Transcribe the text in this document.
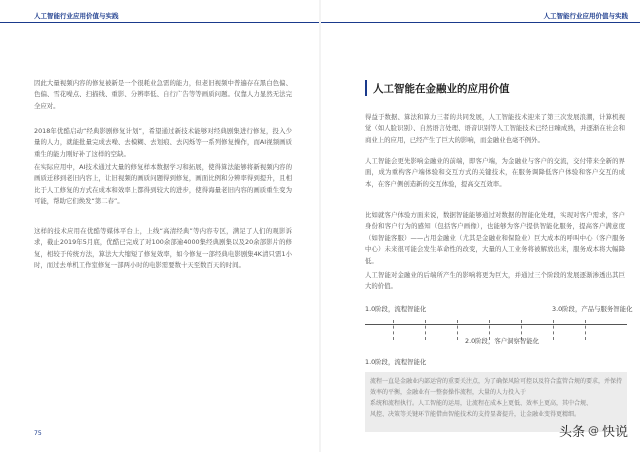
人工智能行业应用价值与实践

因此大量视频内容的修复被新是一个很耗业急需的能力，但老旧视频中普遍存在黑白色偏、色偏、雪花噪点、扫描线、重影、分辨率低、自行广告等等画质问题。仅靠人力显然无法完全应对。

2018年优酷启动“经典影剧修复计划”，希望通过新技术能够对经典剧集进行修复，投入少量的人力，就能批量完成去噪、去模糊、去划痕、去闪烁等一系列修复操作，而AI视频画质重生的能力刚好补了这样的空缺。

在实际应用中，AI技术通过大量的修复样本数据学习和拓展，使得算法能够将新视频内容的画质迁移到老旧内容上，让旧视频的画质问题得到修复，画面比例和分辨率得到提升，且相比于人工修复的方式在成本和效率上都得到较大的进步，使得海量老旧内容的画质重生变为可能，帮助它们焕发“第二春”。

这样的技术应用在优酷等媒体平台上，上线“高清经典”等内容专区，满足了人们的观影诉求，截止2019年5月底，优酷已完成了对100余部逾4000集经典剧集以及20余部影片的修复，相较于传统方法，算法大大缩短了修复效率，如今修复一部经典电影剧集4K清只需1小时，而过去单机工作室修复一部两小时的电影需要数十天至数百天的时间。

75
人工智能行业应用价值与实践
人工智能在金融业的应用价值

得益于数据、算法和算力三者的共同发展，人工智能技术迎来了第三次发展浪潮，计算机视觉（如人脸识别）、自然语言处理、语音识别等人工智能技术已经日臻成熟，并逐渐在社会和商业上的应用，已经产生了巨大的影响，而金融业也毫不例外。

人工智能会更先影响金融业的前端，即客户端，为金融业与客户的交流，交付带来全新的界面，成为重构客户端体验和交互方式的关键技术，在服务调降低客户体验和客户交互的成本，在客户侧创造新的交互体验，提高交互效率。

比如就客户体验方面来说，数据智能能够通过对数据的智能化处理，实现对客户需求，客户身份和客户行为的感知（包括客户画像），也能够为客户提供智能化服务，提高客户满意度（如智能客服）——占用金融业（尤其是金融业和保险业）巨大成本的呼叫中心（客户服务中心）未来很可能会发生革命性的改变，大量的人工业务将被解放出来，服务成本将大幅降低。

人工智能对金融业的后端所产生的影响将更为巨大，并通过三个阶段的发展逐渐渗透出其巨大的价值。

1.0阶段，流程智能化	3.0阶段，产品与服务智能化
2.0阶段，客户洞察智能化
1.0阶段，流程智能化
流程一直是金融业内部运营的重要关注点，为了确保风险可控以及符合监管合规的要求，并保持效率的平衡，金融业有一整套操作流程，大量的人力投入于
系统和流程执行。人工智能的运用，让流程在成本上更低、效率上更高，其中合规、
风控、决策等关键环节能借由智能技术的支持显著提升，让金融业变得更精细。
头条 @ 快说
